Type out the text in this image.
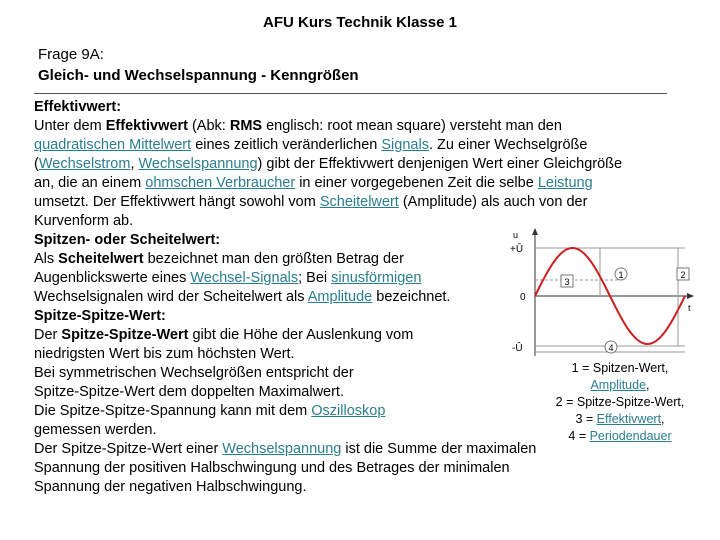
AFU Kurs Technik Klasse 1
Frage 9A:
Gleich- und Wechselspannung - Kenngrößen
Effektivwert:
Unter dem Effektivwert (Abk: RMS englisch: root mean square) versteht man den
quadratischen Mittelwert eines zeitlich veränderlichen Signals. Zu einer Wechselgröße
(Wechselstrom, Wechselspannung) gibt der Effektivwert denjenigen Wert einer Gleichgröße
an, die an einem ohmschen Verbraucher in einer vorgegebenen Zeit die selbe Leistung
umsetzt. Der Effektivwert hängt sowohl vom Scheitelwert (Amplitude) als auch von der
Kurvenform ab.
Spitzen- oder Scheitelwert:
Als Scheitelwert bezeichnet man den größten Betrag der
Augenblickswerte eines Wechsel-Signals; Bei sinusförmigen
Wechselsignalen wird der Scheitelwert als Amplitude bezeichnet.
Spitze-Spitze-Wert:
Der Spitze-Spitze-Wert gibt die Höhe der Auslenkung vom
niedrigsten Wert bis zum höchsten Wert.
Bei symmetrischen Wechselgrößen entspricht der
Spitze-Spitze-Wert dem doppelten Maximalwert.
Die Spitze-Spitze-Spannung kann mit dem Oszilloskop
gemessen werden.
Der Spitze-Spitze-Wert einer Wechselspannung ist die Summe der maximalen
Spannung der positiven Halbschwingung und des Betrages der minimalen
Spannung der negativen Halbschwingung.
u
+Û
0
-Û
t
1	2
3
4
1 = Spitzen-Wert,
Amplitude,
2 = Spitze-Spitze-Wert,
3 = Effektivwert,
4 = Periodendauer
